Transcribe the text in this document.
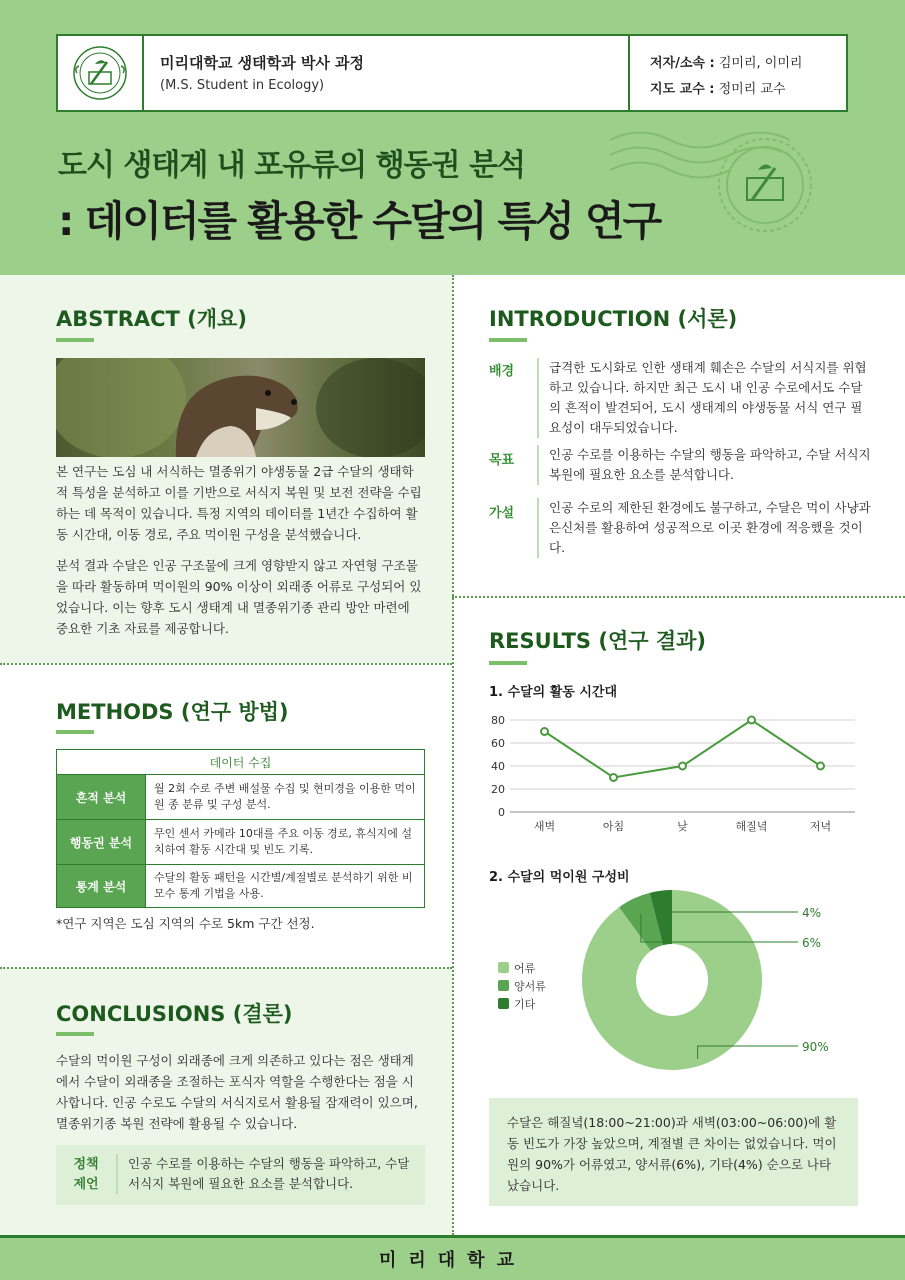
미리대학교 생태학과 박사 과정
(M.S. Student in Ecology)
저자/소속 : 김미리, 이미리
지도 교수 : 정미리 교수
도시 생태계 내 포유류의 행동권 분석
: 데이터를 활용한 수달의 특성 연구
ABSTRACT (개요)
본 연구는 도심 내 서식하는 멸종위기 야생동물 2급 수달의 생태학적 특성을 분석하고 이를 기반으로 서식지 복원 및 보전 전략을 수립하는 데 목적이 있습니다. 특정 지역의 데이터를 1년간 수집하여 활동 시간대, 이동 경로, 주요 먹이원 구성을 분석했습니다.
분석 결과 수달은 인공 구조물에 크게 영향받지 않고 자연형 구조물을 따라 활동하며 먹이원의 90% 이상이 외래종 어류로 구성되어 있었습니다. 이는 향후 도시 생태계 내 멸종위기종 관리 방안 마련에 중요한 기초 자료를 제공합니다.
METHODS (연구 방법)
데이터 수집	
흔적 분석	월 2회 수로 주변 배설물 수집 및 현미경을 이용한 먹이원 종 분류 및 구성 분석.
행동권 분석	무인 센서 카메라 10대를 주요 이동 경로, 휴식지에 설치하여 활동 시간대 및 빈도 기록.
통계 분석	수달의 활동 패턴을 시간별/계절별로 분석하기 위한 비모수 통계 기법을 사용.
*연구 지역은 도심 지역의 수로 5km 구간 선정.
CONCLUSIONS (결론)
수달의 먹이원 구성이 외래종에 크게 의존하고 있다는 점은 생태계에서 수달이 외래종을 조절하는 포식자 역할을 수행한다는 점을 시사합니다. 인공 수로도 수달의 서식지로서 활용될 잠재력이 있으며, 멸종위기종 복원 전략에 활용될 수 있습니다.
정책
제언
인공 수로를 이용하는 수달의 행동을 파악하고, 수달 서식지 복원에 필요한 요소를 분석합니다.
INTRODUCTION (서론)
배경	급격한 도시화로 인한 생태계 훼손은 수달의 서식지를 위협하고 있습니다. 하지만 최근 도시 내 인공 수로에서도 수달의 흔적이 발견되어, 도시 생태계의 야생동물 서식 연구 필요성이 대두되었습니다.
목표	인공 수로를 이용하는 수달의 행동을 파악하고, 수달 서식지 복원에 필요한 요소를 분석합니다.
가설	인공 수로의 제한된 환경에도 불구하고, 수달은 먹이 사냥과 은신처를 활용하여 성공적으로 이곳 환경에 적응했을 것이다.
RESULTS (연구 결과)
1. 수달의 활동 시간대
0
20
40
60
80
새벽	아침	낮	해질녘	저녁
2. 수달의 먹이원 구성비
4%
6%
90%
어류
양서류
기타
수달은 해질녘(18:00~21:00)과 새벽(03:00~06:00)에 활동 빈도가 가장 높았으며, 계절별 큰 차이는 없었습니다. 먹이원의 90%가 어류였고, 양서류(6%), 기타(4%) 순으로 나타났습니다.
미리대학교
